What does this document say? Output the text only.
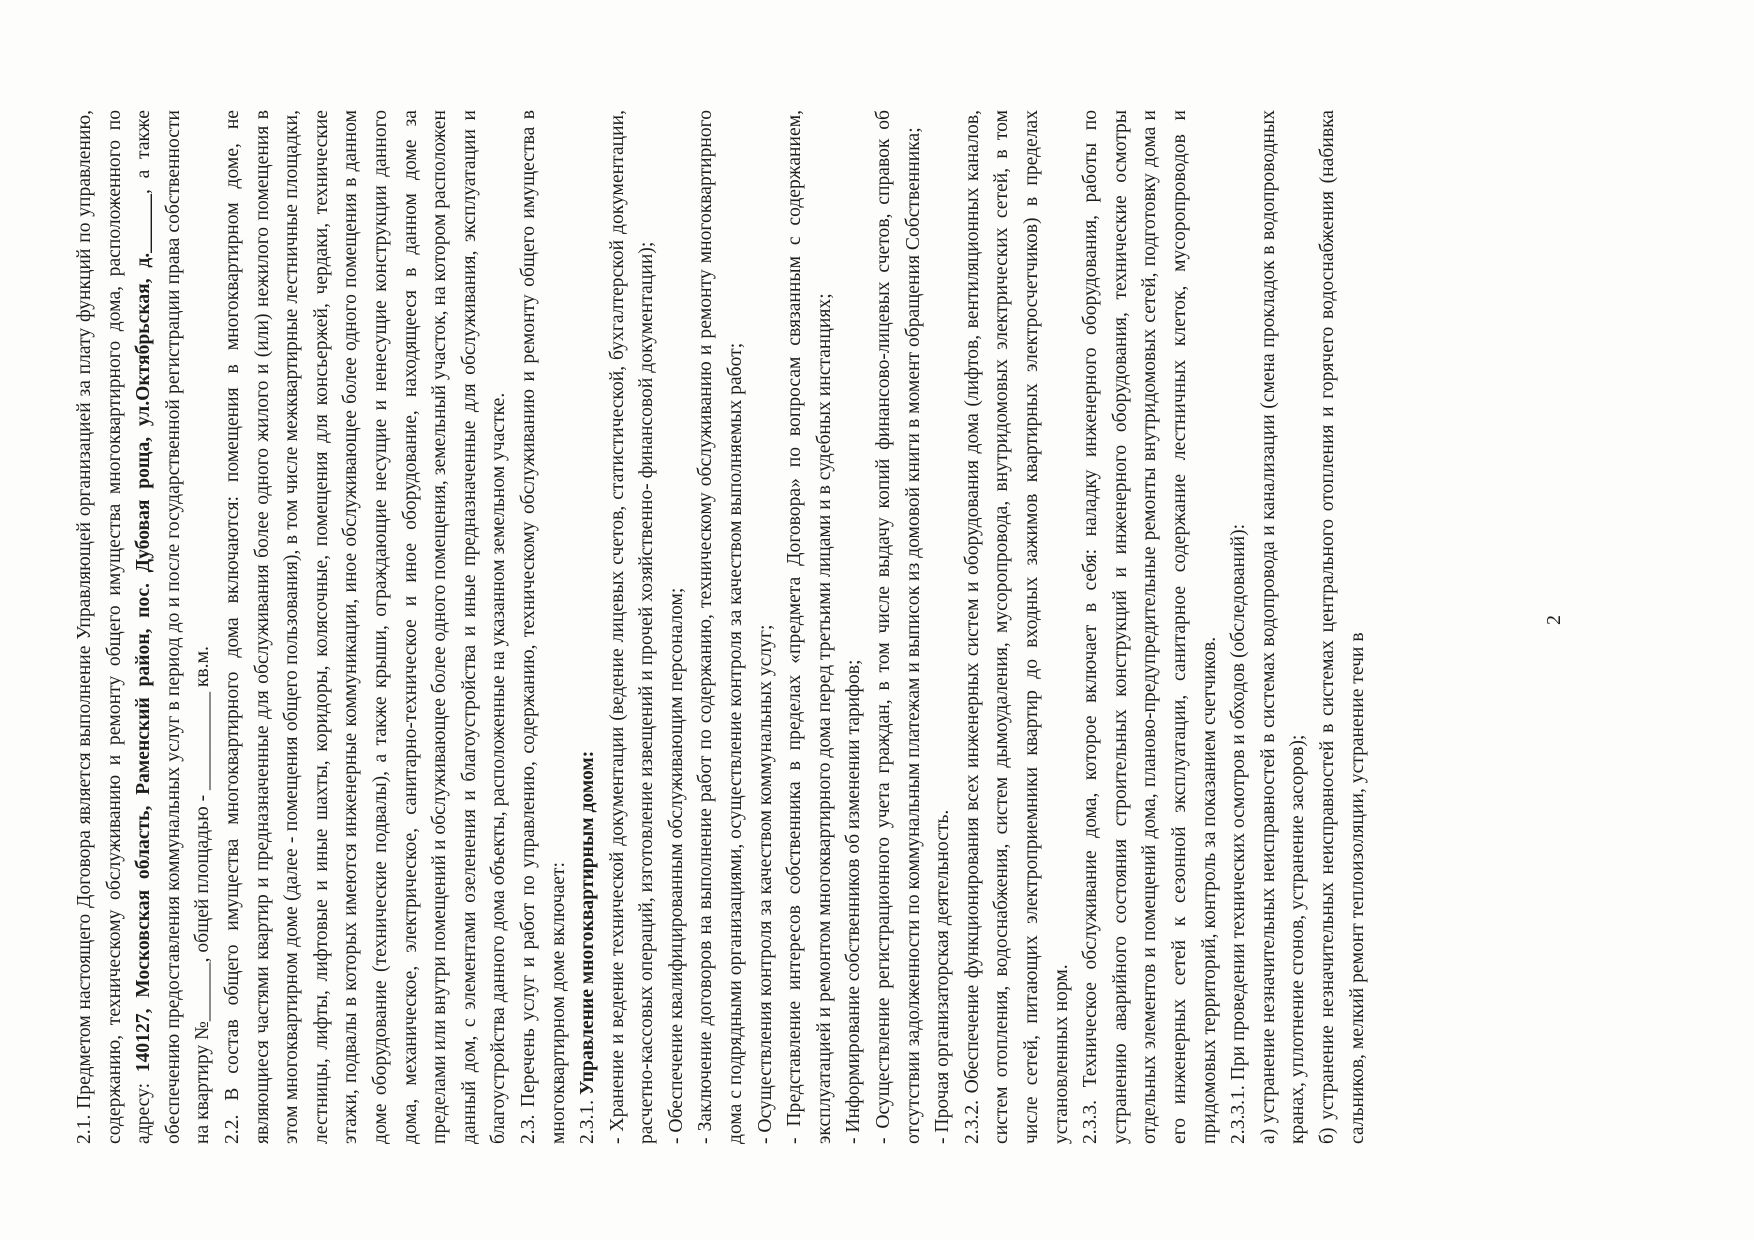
2.1. Предметом настоящего Договора является выполнение Управляющей организацией за плату функций по управлению, содержанию, техническому обслуживанию и ремонту общего имущества многоквартирного дома, расположенного по адресу: 140127, Московская область, Раменский район, пос. Дубовая роща, ул.Октябрьская, д.______, а также обеспечению предоставления коммунальных услуг в период до и после государственной регистрации права собственности на квартиру №______, общей площадью - __________ кв.м. 2.2. В состав общего имущества многоквартирного дома включаются: помещения в многоквартирном доме, не являющиеся частями квартир и предназначенные для обслуживания более одного жилого и (или) нежилого помещения в этом многоквартирном доме (далее - помещения общего пользования), в том числе межквартирные лестничные площадки, лестницы, лифты, лифтовые и иные шахты, коридоры, колясочные, помещения для консьержей, чердаки, технические этажи, подвалы в которых имеются инженерные коммуникации, иное обслуживающее более одного помещения в данном доме оборудование (технические подвалы), а также крыши, ограждающие несущие и ненесущие конструкции данного дома, механическое, электрическое, санитарно-техническое и иное оборудование, находящееся в данном доме за пределами или внутри помещений и обслуживающее более одного помещения, земельный участок, на котором расположен данный дом, с элементами озеленения и благоустройства и иные предназначенные для обслуживания, эксплуатации и благоустройства данного дома объекты, расположенные на указанном земельном участке. 2.3. Перечень услуг и работ по управлению, содержанию, техническому обслуживанию и ремонту общего имущества в многоквартирном доме включает: 2.3.1. Управление многоквартирным домом: - Хранение и ведение технической документации (ведение лицевых счетов, статистической, бухгалтерской документации, расчетно-кассовых операций, изготовление извещений и прочей хозяйственно- финансовой документации); - Обеспечение квалифицированным обслуживающим персоналом; - Заключение договоров на выполнение работ по содержанию, техническому обслуживанию и ремонту многоквартирного дома с подрядными организациями, осуществление контроля за качеством выполняемых работ; - Осуществления контроля за качеством коммунальных услуг; - Представление интересов собственника в пределах «предмета Договора» по вопросам связанным с содержанием, эксплуатацией и ремонтом многоквартирного дома перед третьими лицами и в судебных инстанциях; - Информирование собственников об изменении тарифов; - Осуществление регистрационного учета граждан, в том числе выдачу копий финансово-лицевых счетов, справок об отсутствии задолженности по коммунальным платежам и выписок из домовой книги в момент обращения Собственника; - Прочая организаторская деятельность. 2.3.2. Обеспечение функционирования всех инженерных систем и оборудования дома (лифтов, вентиляционных каналов, систем отопления, водоснабжения, систем дымоудаления, мусоропровода, внутридомовых электрических сетей, в том числе сетей, питающих электроприемники квартир до входных зажимов квартирных электросчетчиков) в пределах установленных норм. 2.3.3. Техническое обслуживание дома, которое включает в себя: наладку инженерного оборудования, работы по устранению аварийного состояния строительных конструкций и инженерного оборудования, технические осмотры отдельных элементов и помещений дома, планово-предупредительные ремонты внутридомовых сетей, подготовку дома и его инженерных сетей к сезонной эксплуатации, санитарное содержание лестничных клеток, мусоропроводов и придомовых территорий, контроль за показанием счетчиков. 2.3.3.1. При проведении технических осмотров и обходов (обследований): а) устранение незначительных неисправностей в системах водопровода и канализации (смена прокладок в водопроводных кранах, уплотнение сгонов, устранение засоров); б) устранение незначительных неисправностей в системах центрального отопления и горячего водоснабжения (набивка сальников, мелкий ремонт теплоизоляции, устранение течи в

2
